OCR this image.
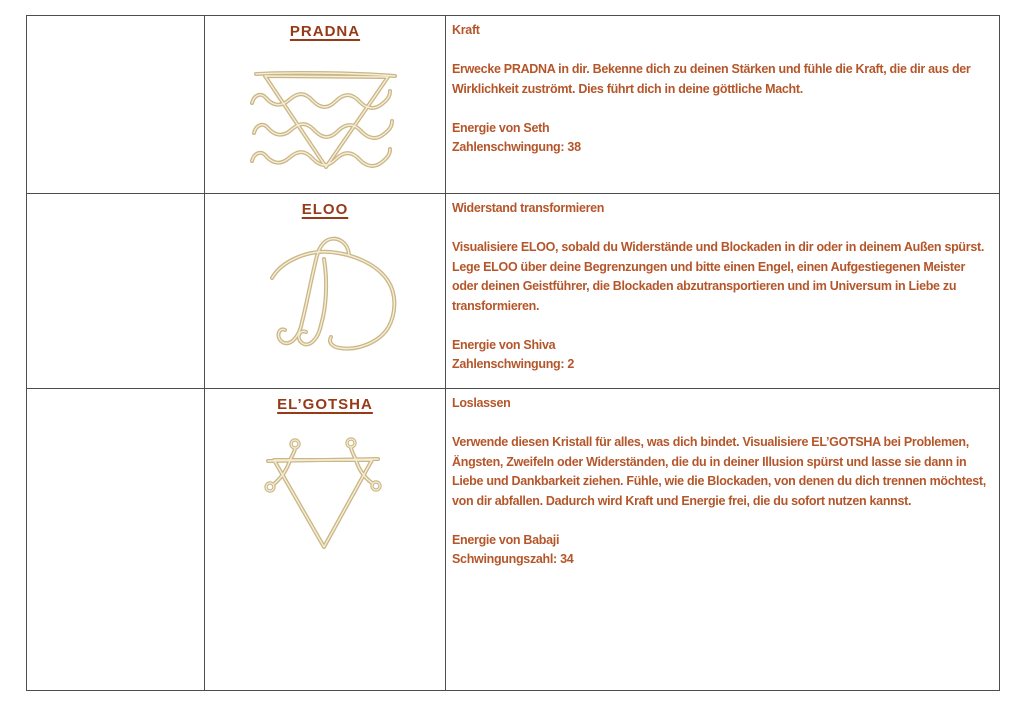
PRADNA	Kraft
Erwecke PRADNA in dir. Bekenne dich zu deinen Stärken und fühle die Kraft, die dir aus der Wirklichkeit zuströmt. Dies führt dich in deine göttliche Macht.
Energie von Seth
Zahlenschwingung: 38
ELOO	Widerstand transformieren
Visualisiere ELOO, sobald du Widerstände und Blockaden in dir oder in deinem Außen spürst. Lege ELOO über deine Begrenzungen und bitte einen Engel, einen Aufgestiegenen Meister oder deinen Geistführer, die Blockaden abzutransportieren und im Universum in Liebe zu transformieren.
Energie von Shiva
Zahlenschwingung: 2
EL’GOTSHA	Loslassen
Verwende diesen Kristall für alles, was dich bindet. Visualisiere EL’GOTSHA bei Problemen, Ängsten, Zweifeln oder Widerständen, die du in deiner Illusion spürst und lasse sie dann in Liebe und Dankbarkeit ziehen. Fühle, wie die Blockaden, von denen du dich trennen möchtest, von dir abfallen. Dadurch wird Kraft und Energie frei, die du sofort nutzen kannst.
Energie von Babaji
Schwingungszahl: 34
